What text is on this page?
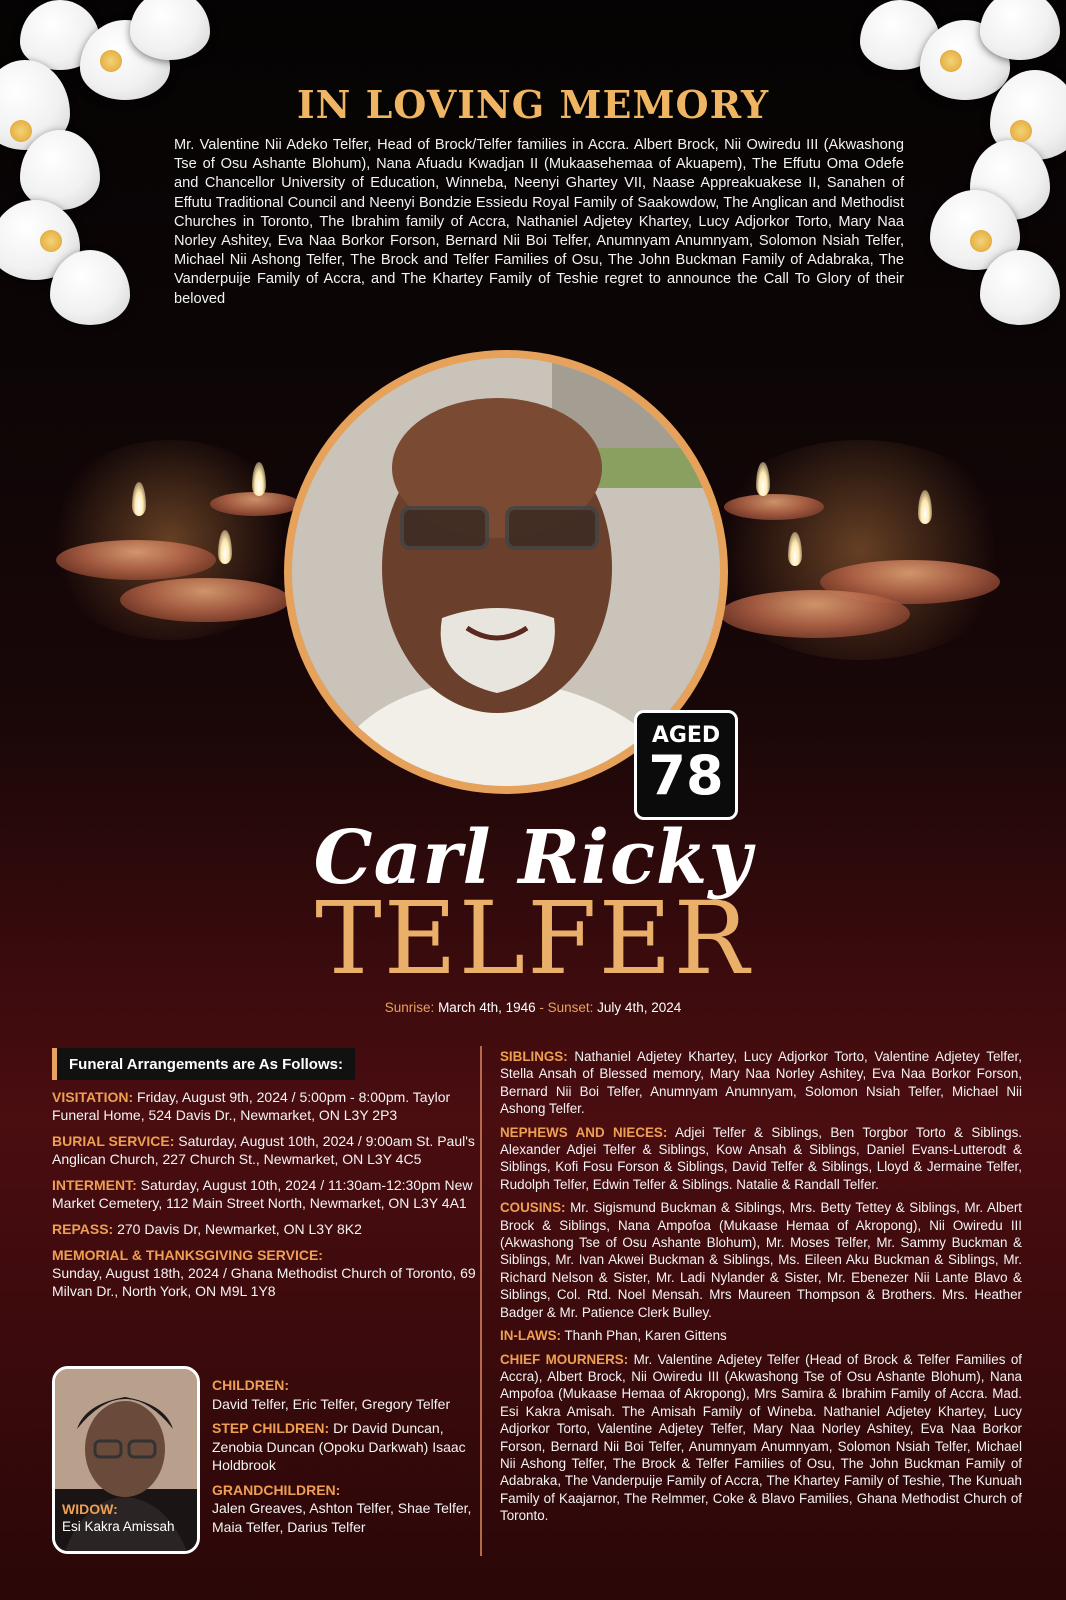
IN LOVING MEMORY
Mr. Valentine Nii Adeko Telfer, Head of Brock/Telfer families in Accra. Albert Brock, Nii Owiredu III (Akwashong Tse of Osu Ashante Blohum), Nana Afuadu Kwadjan II (Mukaasehemaa of Akuapem), The Effutu Oma Odefe and Chancellor University of Education, Winneba, Neenyi Ghartey VII, Naase Appreakuakese II, Sanahen of Effutu Traditional Council and Neenyi Bondzie Essiedu Royal Family of Saakowdow, The Anglican and Methodist Churches in Toronto, The Ibrahim family of Accra, Nathaniel Adjetey Khartey, Lucy Adjorkor Torto, Mary Naa Norley Ashitey, Eva Naa Borkor Forson, Bernard Nii Boi Telfer, Anumnyam Anumnyam, Solomon Nsiah Telfer, Michael Nii Ashong Telfer, The Brock and Telfer Families of Osu, The John Buckman Family of Adabraka, The Vanderpuije Family of Accra, and The Khartey Family of Teshie regret to announce the Call To Glory of their beloved
AGED
78
Carl Ricky
TELFER
Sunrise: March 4th, 1946 - Sunset: July 4th, 2024
Funeral Arrangements are As Follows:
VISITATION: Friday, August 9th, 2024 / 5:00pm - 8:00pm. Taylor Funeral Home, 524 Davis Dr., Newmarket, ON L3Y 2P3
BURIAL SERVICE: Saturday, August 10th, 2024 / 9:00am St. Paul's Anglican Church, 227 Church St., Newmarket, ON L3Y 4C5
INTERMENT: Saturday, August 10th, 2024 / 11:30am-12:30pm New Market Cemetery, 112 Main Street North, Newmarket, ON L3Y 4A1
REPASS: 270 Davis Dr, Newmarket, ON L3Y 8K2
MEMORIAL & THANKSGIVING SERVICE:
Sunday, August 18th, 2024 / Ghana Methodist Church of Toronto, 69 Milvan Dr., North York, ON M9L 1Y8
WIDOW:
Esi Kakra Amissah
CHILDREN:
David Telfer, Eric Telfer, Gregory Telfer
STEP CHILDREN: Dr David Duncan, Zenobia Duncan (Opoku Darkwah) Isaac Holdbrook
GRANDCHILDREN:
Jalen Greaves, Ashton Telfer, Shae Telfer, Maia Telfer, Darius Telfer
SIBLINGS: Nathaniel Adjetey Khartey, Lucy Adjorkor Torto, Valentine Adjetey Telfer, Stella Ansah of Blessed memory, Mary Naa Norley Ashitey, Eva Naa Borkor Forson, Bernard Nii Boi Telfer, Anumnyam Anumnyam, Solomon Nsiah Telfer, Michael Nii Ashong Telfer.
NEPHEWS AND NIECES: Adjei Telfer & Siblings, Ben Torgbor Torto & Siblings. Alexander Adjei Telfer & Siblings, Kow Ansah & Siblings, Daniel Evans-Lutterodt & Siblings, Kofi Fosu Forson & Siblings, David Telfer & Siblings, Lloyd & Jermaine Telfer, Rudolph Telfer, Edwin Telfer & Siblings. Natalie & Randall Telfer.
COUSINS: Mr. Sigismund Buckman & Siblings, Mrs. Betty Tettey & Siblings, Mr. Albert Brock & Siblings, Nana Ampofoa (Mukaase Hemaa of Akropong), Nii Owiredu III (Akwashong Tse of Osu Ashante Blohum), Mr. Moses Telfer, Mr. Sammy Buckman & Siblings, Mr. Ivan Akwei Buckman & Siblings, Ms. Eileen Aku Buckman & Siblings, Mr. Richard Nelson & Sister, Mr. Ladi Nylander & Sister, Mr. Ebenezer Nii Lante Blavo & Siblings, Col. Rtd. Noel Mensah. Mrs Maureen Thompson & Brothers. Mrs. Heather Badger & Mr. Patience Clerk Bulley.
IN-LAWS: Thanh Phan, Karen Gittens
CHIEF MOURNERS: Mr. Valentine Adjetey Telfer (Head of Brock & Telfer Families of Accra), Albert Brock, Nii Owiredu III (Akwashong Tse of Osu Ashante Blohum), Nana Ampofoa (Mukaase Hemaa of Akropong), Mrs Samira & Ibrahim Family of Accra. Mad. Esi Kakra Amisah. The Amisah Family of Wineba. Nathaniel Adjetey Khartey, Lucy Adjorkor Torto, Valentine Adjetey Telfer, Mary Naa Norley Ashitey, Eva Naa Borkor Forson, Bernard Nii Boi Telfer, Anumnyam Anumnyam, Solomon Nsiah Telfer, Michael Nii Ashong Telfer, The Brock & Telfer Families of Osu, The John Buckman Family of Adabraka, The Vanderpuije Family of Accra, The Khartey Family of Teshie, The Kunuah Family of Kaajarnor, The Relmmer, Coke & Blavo Families, Ghana Methodist Church of Toronto.
